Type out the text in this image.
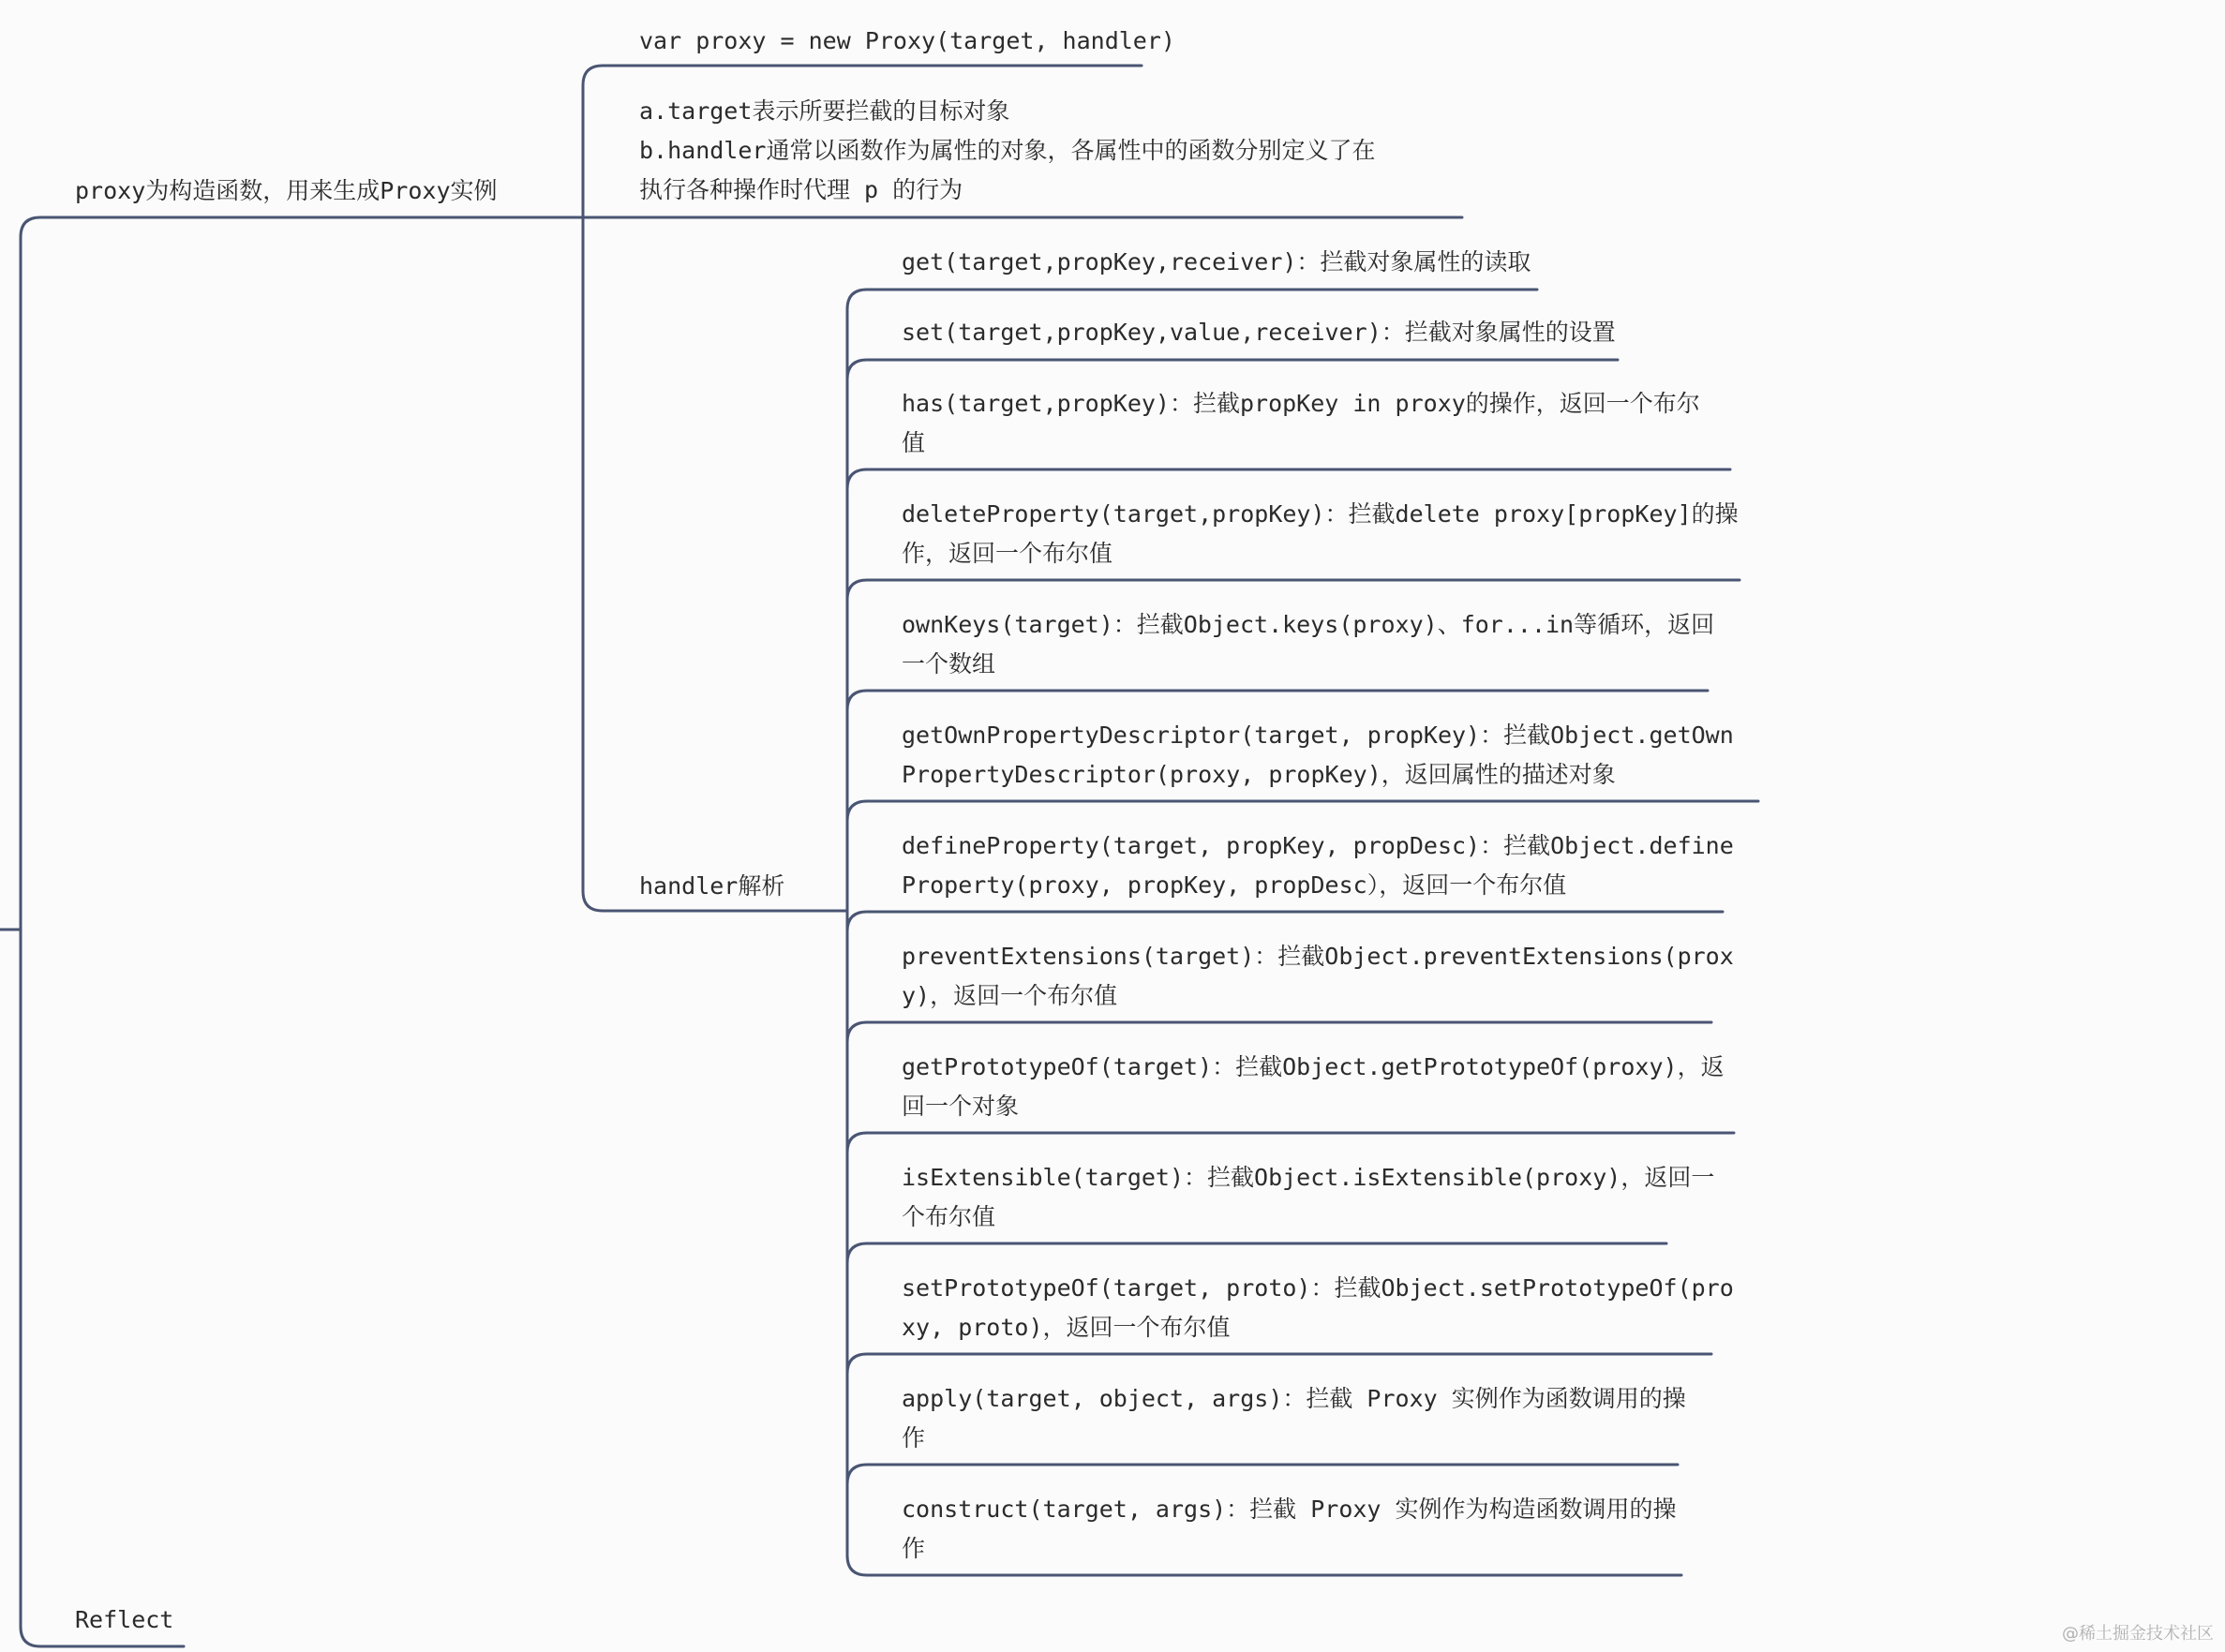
proxy为构造函数，用来生成Proxy实例
Reflect
var proxy = new Proxy(target, handler)
a.target表示所要拦截的目标对象
b.handler通常以函数作为属性的对象，各属性中的函数分别定义了在
执行各种操作时代理 p 的行为
handler解析
get(target,propKey,receiver)：拦截对象属性的读取
set(target,propKey,value,receiver)：拦截对象属性的设置
has(target,propKey)：拦截propKey in proxy的操作，返回一个布尔
值
deleteProperty(target,propKey)：拦截delete proxy[propKey]的操
作，返回一个布尔值
ownKeys(target)：拦截Object.keys(proxy)、for...in等循环，返回
一个数组
getOwnPropertyDescriptor(target, propKey)：拦截Object.getOwn
PropertyDescriptor(proxy, propKey)，返回属性的描述对象
defineProperty(target, propKey, propDesc)：拦截Object.define
Property(proxy, propKey, propDesc），返回一个布尔值
preventExtensions(target)：拦截Object.preventExtensions(prox
y)，返回一个布尔值
getPrototypeOf(target)：拦截Object.getPrototypeOf(proxy)，返
回一个对象
isExtensible(target)：拦截Object.isExtensible(proxy)，返回一
个布尔值
setPrototypeOf(target, proto)：拦截Object.setPrototypeOf(pro
xy, proto)，返回一个布尔值
apply(target, object, args)：拦截 Proxy 实例作为函数调用的操
作
construct(target, args)：拦截 Proxy 实例作为构造函数调用的操
作
@稀土掘金技术社区
